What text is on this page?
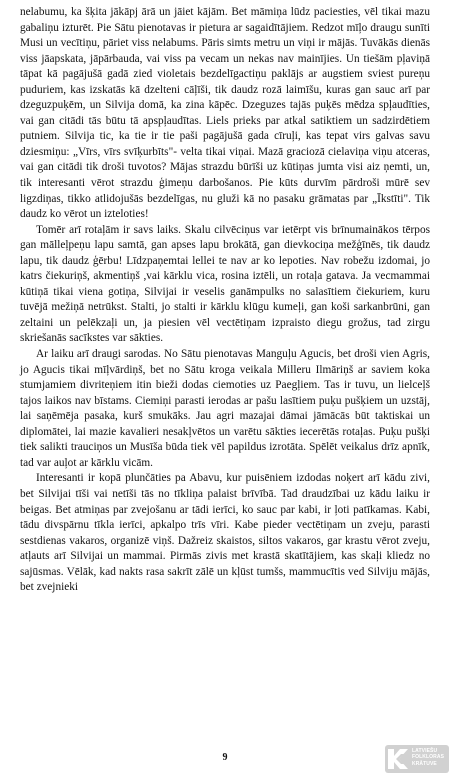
nelabumu, ka šķita jākāpj ārā un jāiet kājām. Bet māmiņa lūdz paciesties, vēl tikai mazu gabaliņu izturēt. Pie Sātu pienotavas ir pietura ar sagaidītājiem. Redzot mīļo draugu sunīti Musi un vecītiņu, pāriet viss nelabums. Pāris simts metru un viņi ir mājās. Tuvākās dienās viss jāapskata, jāpārbauda, vai viss pa vecam un nekas nav mainījies. Un tiešām pļaviņā tāpat kā pagājušā gadā zied violetais bezdelīgactiņu paklājs ar augstiem sviest pureņu puduriem, kas izskatās kā dzelteni cāļīši, tik daudz rozā laimīšu, kuras gan sauc arī par dzeguzpuķēm, un Silvija domā, ka zina kāpēc. Dzeguzes tajās puķēs mēdza spļaudīties, vai gan citādi tās būtu tā apspļaudītas. Liels prieks par atkal satiktiem un sadzirdētiem putniem. Silvija tic, ka tie ir tie paši pagājušā gada cīruļi, kas tepat virs galvas savu dziesmiņu: „Vīrs, vīrs svīķurbīts"- velta tikai viņai. Mazā graciozā cielaviņa viņu atceras, vai gan citādi tik droši tuvotos? Mājas strazdu būrīši uz kūtiņas jumta visi aiz ņemti, un, tik interesanti vērot strazdu ģimeņu darbošanos. Pie kūts durvīm pārdroši mūrē sev ligzdiņas, tikko atlidojušās bezdelīgas, nu gluži kā no pasaku grāmatas par „Īkstīti". Tik daudz ko vērot un izteloties!

Tomēr arī rotaļām ir savs laiks. Skalu cilvēciņus var ietērpt vis brīnumainākos tērpos gan mālleļpeņu lapu samtā, gan apses lapu brokātā, gan dievkociņa mežģīnēs, tik daudz lapu, tik daudz ģērbu! Līdzpaņemtai lellei te nav ar ko lepoties. Nav robežu izdomai, jo katrs čiekuriņš, akmentiņš ,vai kārklu vica, rosina iztēli, un rotaļa gatava. Ja vecmammai kūtiņā tikai viena gotiņa, Silvijai ir veselis ganāmpulks no salasītiem čiekuriem, kuru tuvējā mežiņā netrūkst. Stalti, jo stalti ir kārklu klūgu kumeļi, gan koši sarkanbrūni, gan zeltaini un pelēkzaļi un, ja piesien vēl vectētiņam izpraisto diegu grožus, tad zirgu skriešanās sacīkstes var sākties.

Ar laiku arī draugi sarodas. No Sātu pienotavas Manguļu Agucis, bet droši vien Agris, jo Agucis tikai mīļvārdiņš, bet no Sātu kroga veikala Milleru Ilmāriņš ar saviem koka stumjamiem divriteņiem itin bieži dodas ciemoties uz Paegļiem. Tas ir tuvu, un lielceļš tajos laikos nav bīstams. Ciemiņi parasti ierodas ar pašu lasītiem puķu pušķiem un uzstāj, lai saņēmēja pasaka, kurš smukāks. Jau agri mazajai dāmai jāmācās būt taktiskai un diplomātei, lai mazie kavalieri nesakļvētos un varētu sākties iecerētās rotaļas. Puķu pušķi tiek salikti trauciņos un Musīša būda tiek vēl papildus izrotāta. Spēlēt veikalus drīz apnīk, tad var auļot ar kārklu vicām.

Interesanti ir kopā plunčāties pa Abavu, kur puisēniem izdodas noķert arī kādu zivi, bet Silvijai tīši vai netīši tās no tīkliņa palaist brīvībā. Tad draudzībai uz kādu laiku ir beigas. Bet atmiņas par zvejošanu ar tādi ierīci, ko sauc par kabi, ir ļoti patīkamas. Kabi, tādu divspārnu tīkla ierīci, apkalpo trīs vīri. Kabe pieder vectētiņam un zveju, parasti sestdienas vakaros, organizē viņš. Dažreiz skaistos, siltos vakaros, gar krastu vērot zveju, atļauts arī Silvijai un mammai. Pirmās zivis met krastā skatītājiem, kas skaļi kliedz no sajūsmas. Vēlāk, kad nakts rasa sakrīt zālē un kļūst tumšs, mammucītis ved Silviju mājās, bet zvejnieki

9
LATVIEŠU
FOLKLORAS
KRĀTUVE
